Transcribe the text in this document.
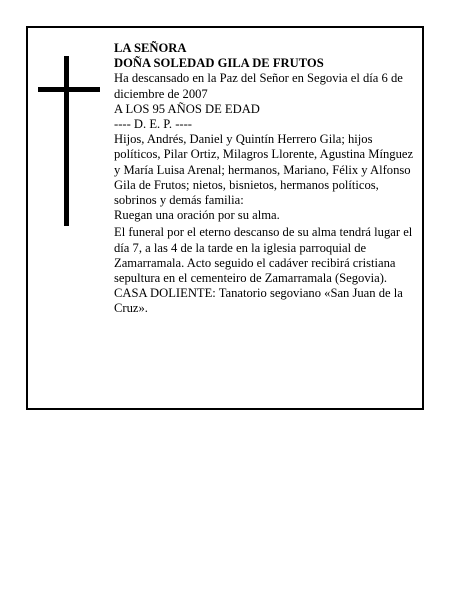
LA SEÑORA

DOÑA SOLEDAD GILA DE FRUTOS

Ha descansado en la Paz del Señor en Segovia el día 6 de diciembre de 2007

A LOS 95 AÑOS DE EDAD

---- D. E. P. ----

Hijos, Andrés, Daniel y Quintín Herrero Gila; hijos políticos, Pilar Ortiz, Milagros Llorente, Agustina Mínguez y María Luisa Arenal; hermanos, Mariano, Félix y Alfonso Gila de Frutos; nietos, bisnietos, hermanos políticos, sobrinos y demás familia:

Ruegan una oración por su alma.

El funeral por el eterno descanso de su alma tendrá lugar el día 7, a las 4 de la tarde en la iglesia parroquial de Zamarramala. Acto seguido el cadáver recibirá cristiana sepultura en el cementeiro de Zamarramala (Segovia).

CASA DOLIENTE: Tanatorio segoviano «San Juan de la Cruz».
